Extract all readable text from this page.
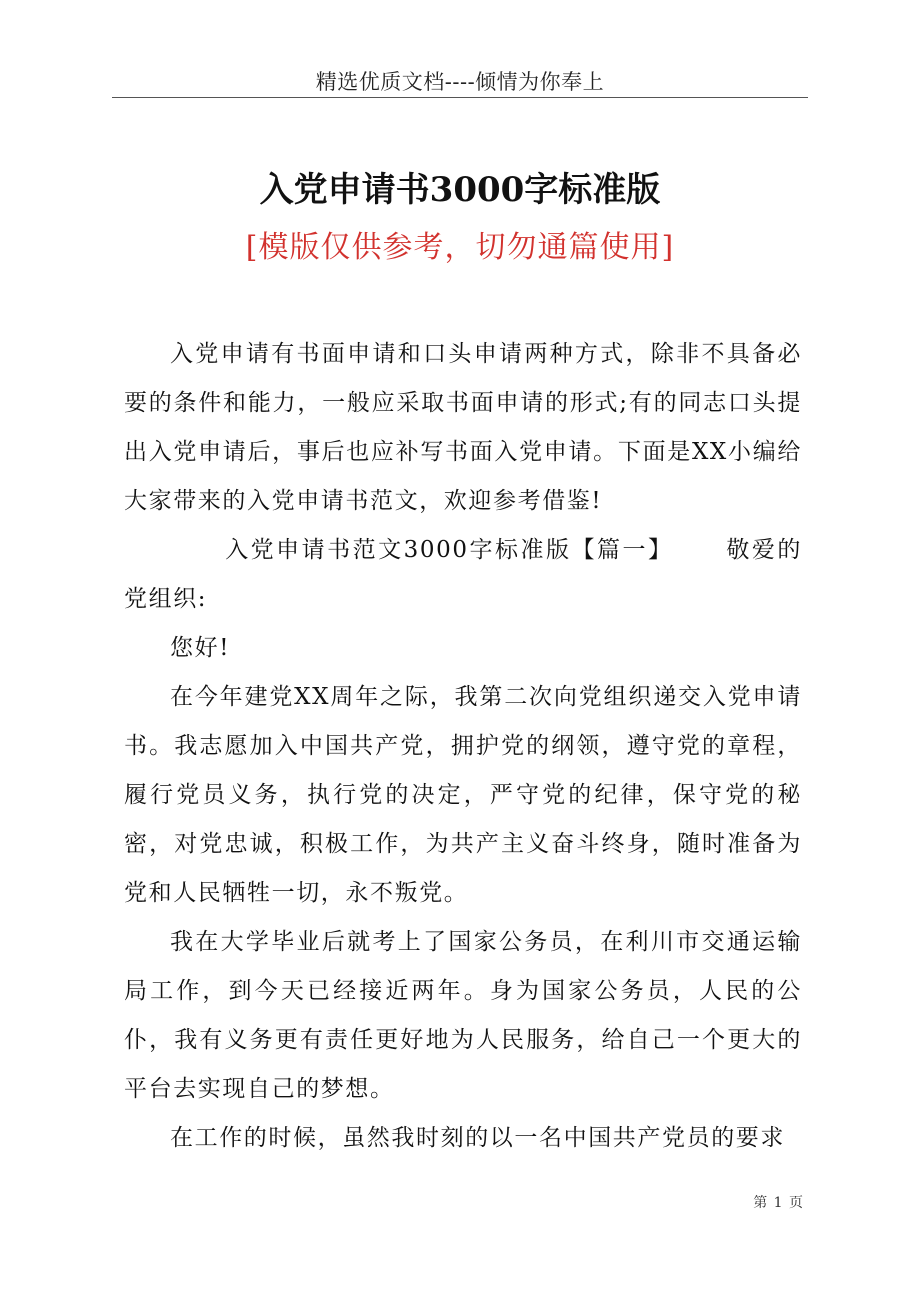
精选优质文档----倾情为你奉上
入党申请书3000字标准版
[模版仅供参考，切勿通篇使用]

入党申请有书面申请和口头申请两种方式，除非不具备必要的条件和能力，一般应采取书面申请的形式;有的同志口头提出入党申请后，事后也应补写书面入党申请。下面是XX小编给大家带来的入党申请书范文，欢迎参考借鉴!

入党申请书范文3000字标准版【篇一】 敬爱的党组织:

您好!

在今年建党XX周年之际，我第二次向党组织递交入党申请书。我志愿加入中国共产党，拥护党的纲领，遵守党的章程，履行党员义务，执行党的决定，严守党的纪律，保守党的秘密，对党忠诚，积极工作，为共产主义奋斗终身，随时准备为党和人民牺牲一切，永不叛党。

我在大学毕业后就考上了国家公务员，在利川市交通运输局工作，到今天已经接近两年。身为国家公务员，人民的公仆，我有义务更有责任更好地为人民服务，给自己一个更大的平台去实现自己的梦想。

在工作的时候，虽然我时刻的以一名中国共产党员的要求

第 1 页
